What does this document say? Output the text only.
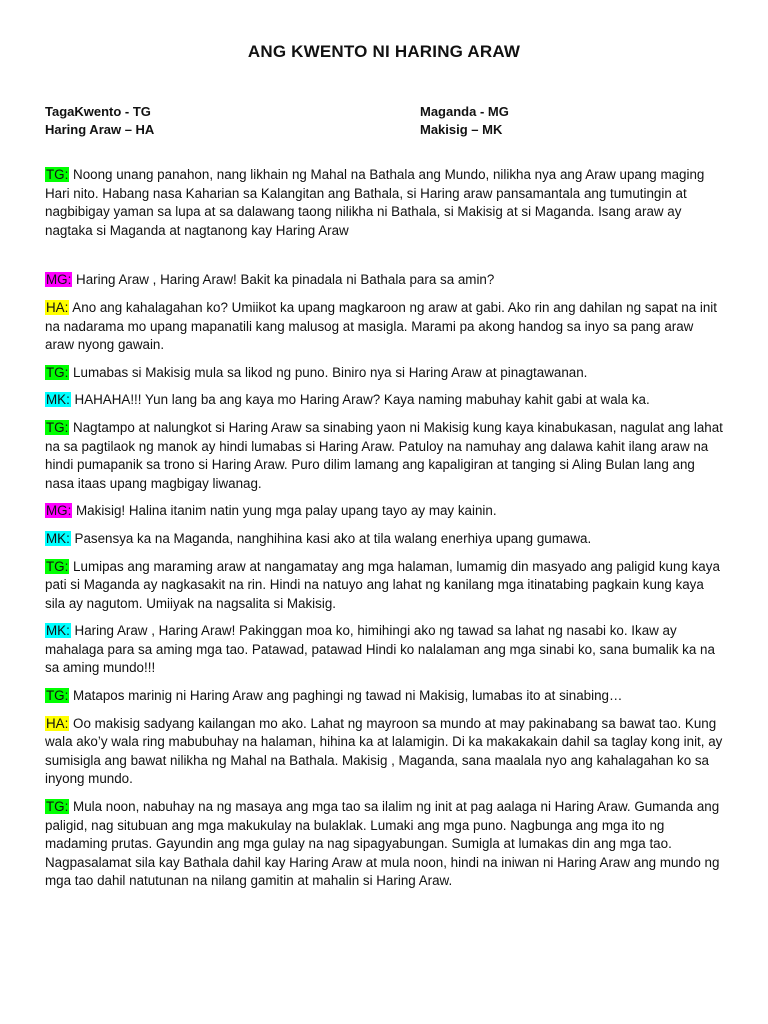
ANG KWENTO NI HARING ARAW
TagaKwento - TG
Haring Araw – HA
Maganda - MG
Makisig – MK

TG: Noong unang panahon, nang likhain ng Mahal na Bathala ang Mundo, nilikha nya ang Araw upang maging Hari nito. Habang nasa Kaharian sa Kalangitan ang Bathala, si Haring araw pansamantala ang tumutingin at nagbibigay yaman sa lupa at sa dalawang taong nilikha ni Bathala, si Makisig at si Maganda. Isang araw ay nagtaka si Maganda at nagtanong kay Haring Araw

MG: Haring Araw , Haring Araw! Bakit ka pinadala ni Bathala para sa amin?

HA: Ano ang kahalagahan ko? Umiikot ka upang magkaroon ng araw at gabi. Ako rin ang dahilan ng sapat na init na nadarama mo upang mapanatili kang malusog at masigla. Marami pa akong handog sa inyo sa pang araw araw nyong gawain.

TG: Lumabas si Makisig mula sa likod ng puno. Biniro nya si Haring Araw at pinagtawanan.

MK: HAHAHA!!! Yun lang ba ang kaya mo Haring Araw? Kaya naming mabuhay kahit gabi at wala ka.

TG: Nagtampo at nalungkot si Haring Araw sa sinabing yaon ni Makisig kung kaya kinabukasan, nagulat ang lahat na sa pagtilaok ng manok ay hindi lumabas si Haring Araw. Patuloy na namuhay ang dalawa kahit ilang araw na hindi pumapanik sa trono si Haring Araw. Puro dilim lamang ang kapaligiran at tanging si Aling Bulan lang ang nasa itaas upang magbigay liwanag.

MG: Makisig! Halina itanim natin yung mga palay upang tayo ay may kainin.

MK: Pasensya ka na Maganda, nanghihina kasi ako at tila walang enerhiya upang gumawa.

TG: Lumipas ang maraming araw at nangamatay ang mga halaman, lumamig din masyado ang paligid kung kaya pati si Maganda ay nagkasakit na rin. Hindi na natuyo ang lahat ng kanilang mga itinatabing pagkain kung kaya sila ay nagutom. Umiiyak na nagsalita si Makisig.

MK: Haring Araw , Haring Araw! Pakinggan moa ko, himihingi ako ng tawad sa lahat ng nasabi ko. Ikaw ay mahalaga para sa aming mga tao. Patawad, patawad Hindi ko nalalaman ang mga sinabi ko, sana bumalik ka na sa aming mundo!!!

TG: Matapos marinig ni Haring Araw ang paghingi ng tawad ni Makisig, lumabas ito at sinabing…

HA: Oo makisig sadyang kailangan mo ako. Lahat ng mayroon sa mundo at may pakinabang sa bawat tao. Kung wala ako’y wala ring mabubuhay na halaman, hihina ka at lalamigin. Di ka makakakain dahil sa taglay kong init, ay sumisigla ang bawat nilikha ng Mahal na Bathala. Makisig , Maganda, sana maalala nyo ang kahalagahan ko sa inyong mundo.

TG: Mula noon, nabuhay na ng masaya ang mga tao sa ilalim ng init at pag aalaga ni Haring Araw. Gumanda ang paligid, nag situbuan ang mga makukulay na bulaklak. Lumaki ang mga puno. Nagbunga ang mga ito ng madaming prutas. Gayundin ang mga gulay na nag sipagyabungan. Sumigla at lumakas din ang mga tao. Nagpasalamat sila kay Bathala dahil kay Haring Araw at mula noon, hindi na iniwan ni Haring Araw ang mundo ng mga tao dahil natutunan na nilang gamitin at mahalin si Haring Araw.
